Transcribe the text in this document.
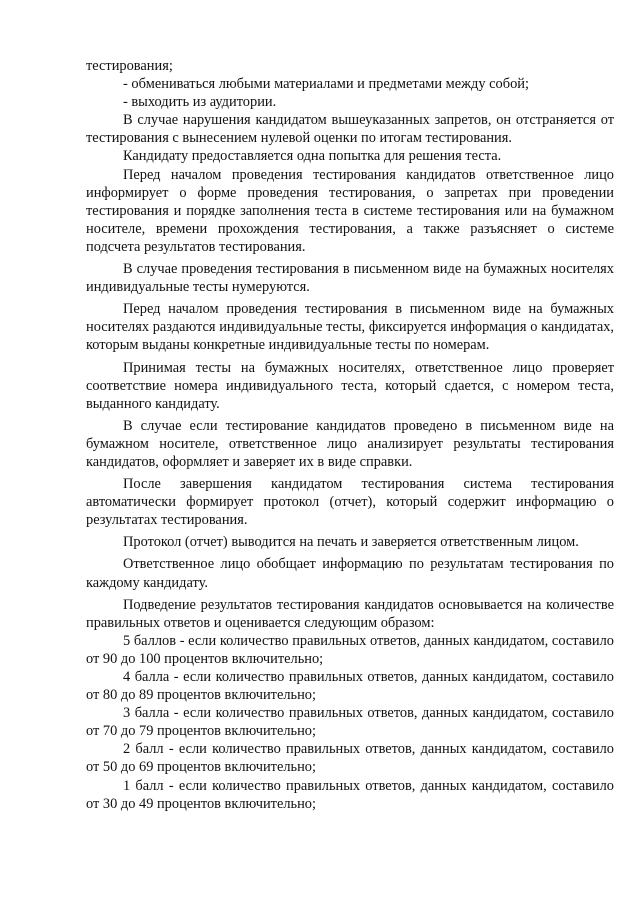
тестирования;

- обмениваться любыми материалами и предметами между собой;

- выходить из аудитории.

В случае нарушения кандидатом вышеуказанных запретов, он отстраняется от тестирования с вынесением нулевой оценки по итогам тестирования.

Кандидату предоставляется одна попытка для решения теста.

Перед началом проведения тестирования кандидатов ответственное лицо информирует о форме проведения тестирования, о запретах при проведении тестирования и порядке заполнения теста в системе тестирования или на бумажном носителе, времени прохождения тестирования, а также разъясняет о системе подсчета результатов тестирования.

В случае проведения тестирования в письменном виде на бумажных носителях индивидуальные тесты нумеруются.

Перед началом проведения тестирования в письменном виде на бумажных носителях раздаются индивидуальные тесты, фиксируется информация о кандидатах, которым выданы конкретные индивидуальные тесты по номерам.

Принимая тесты на бумажных носителях, ответственное лицо проверяет соответствие номера индивидуального теста, который сдается, с номером теста, выданного кандидату.

В случае если тестирование кандидатов проведено в письменном виде на бумажном носителе, ответственное лицо анализирует результаты тестирования кандидатов, оформляет и заверяет их в виде справки.

После завершения кандидатом тестирования система тестирования автоматически формирует протокол (отчет), который содержит информацию о результатах тестирования.

Протокол (отчет) выводится на печать и заверяется ответственным лицом.

Ответственное лицо обобщает информацию по результатам тестирования по каждому кандидату.

Подведение результатов тестирования кандидатов основывается на количестве правильных ответов и оценивается следующим образом:

5 баллов - если количество правильных ответов, данных кандидатом, составило от 90 до 100 процентов включительно;

4 балла - если количество правильных ответов, данных кандидатом, составило от 80 до 89 процентов включительно;

3 балла - если количество правильных ответов, данных кандидатом, составило от 70 до 79 процентов включительно;

2 балл - если количество правильных ответов, данных кандидатом, составило от 50 до 69 процентов включительно;

1 балл - если количество правильных ответов, данных кандидатом, составило от 30 до 49 процентов включительно;
